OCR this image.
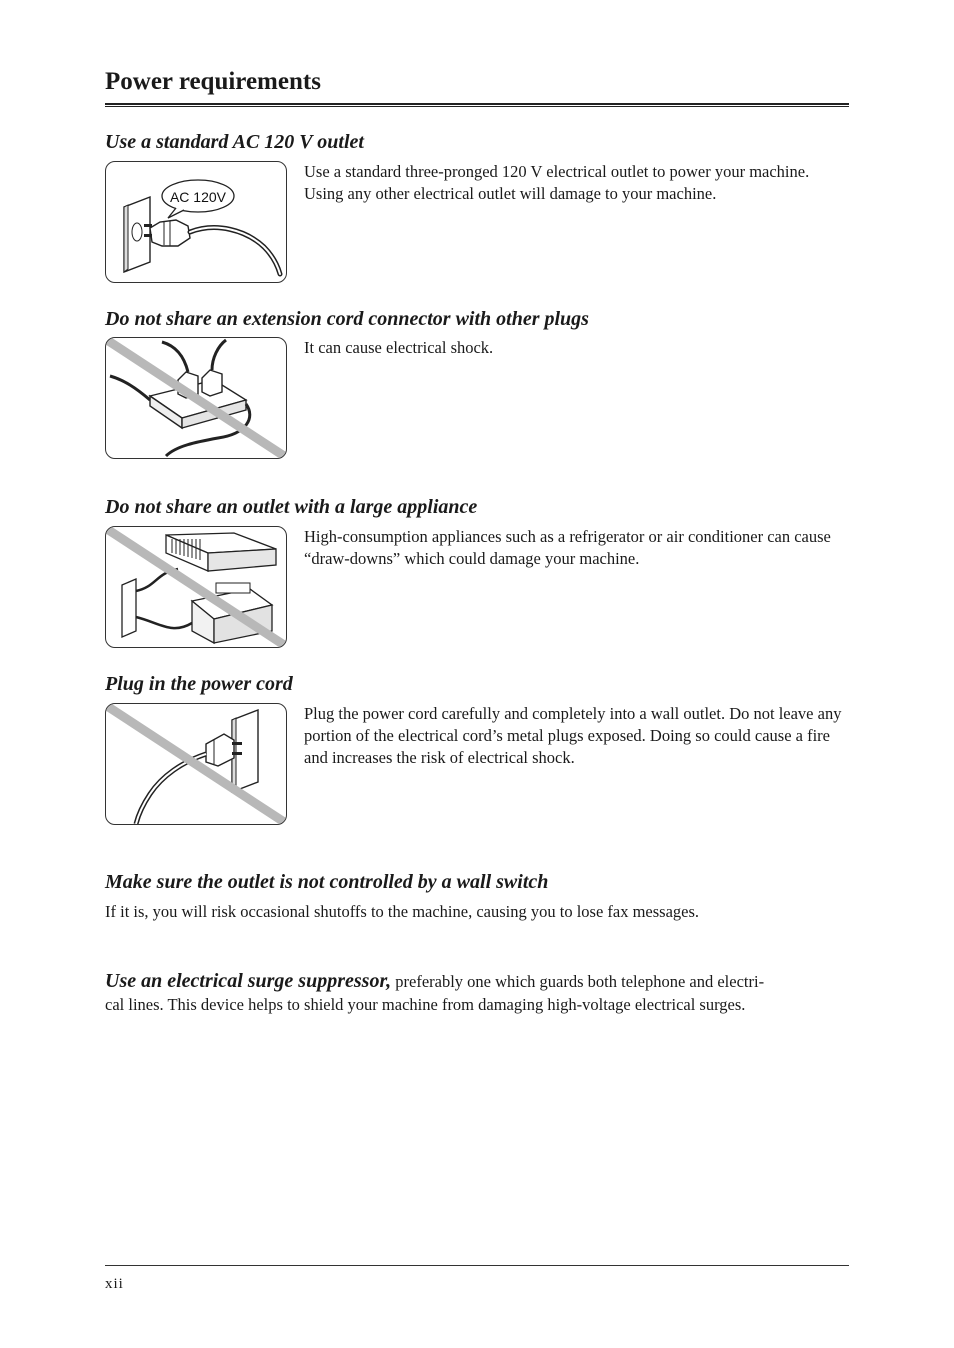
Power requirements
Use a standard AC 120 V outlet
AC 120V

Use a standard three-pronged 120 V electrical outlet to power your machine. Using any other electrical outlet will damage to your machine.

Do not share an extension cord connector with other plugs

It can cause electrical shock.

Do not share an outlet with a large appliance

High-consumption appliances such as a refrigerator or air conditioner can cause “draw-downs” which could damage your machine.

Plug in the power cord

Plug the power cord carefully and completely into a wall outlet. Do not leave any portion of the electrical cord’s metal plugs exposed. Doing so could cause a fire and increases the risk of electrical shock.

Make sure the outlet is not controlled by a wall switch

If it is, you will risk occasional shutoffs to the machine, causing you to lose fax messages.

Use an electrical surge suppressor, preferably one which guards both telephone and electri-
cal lines. This device helps to shield your machine from damaging high-voltage electrical surges.

xii
